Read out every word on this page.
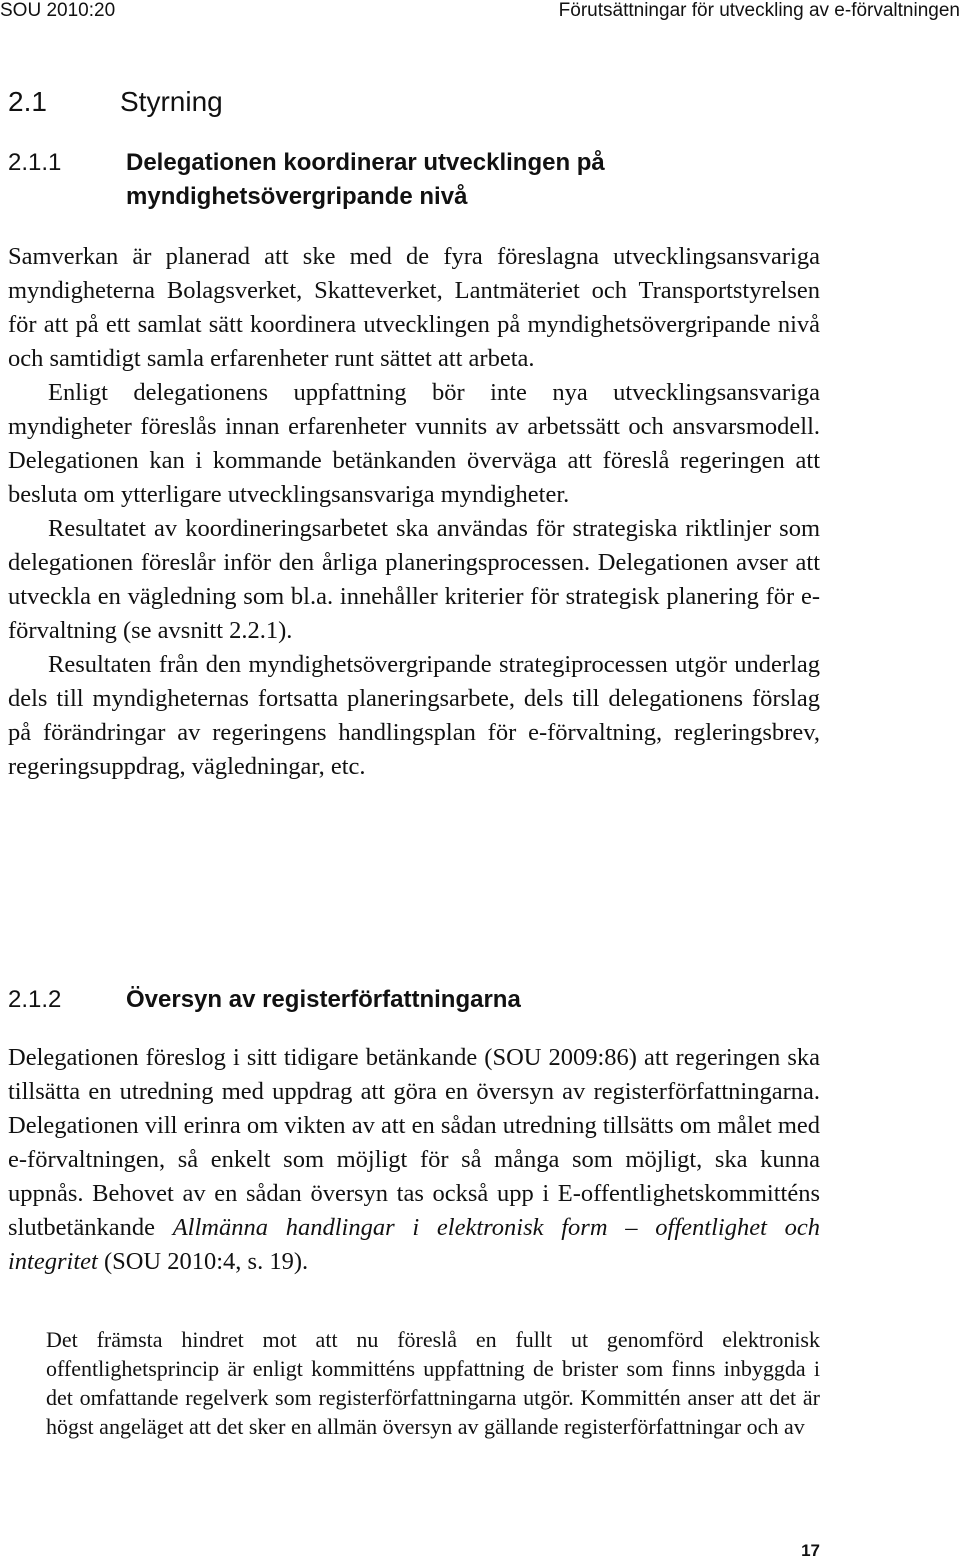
SOU 2010:20	Förutsättningar för utveckling av e-förvaltningen
2.1	Styrning
2.1.1	Delegationen koordinerar utvecklingen på myndighetsövergripande nivå

Samverkan är planerad att ske med de fyra föreslagna utvecklingsansvariga myndigheterna Bolagsverket, Skatteverket, Lantmäteriet och Transportstyrelsen för att på ett samlat sätt koordinera utvecklingen på myndighetsövergripande nivå och samtidigt samla erfarenheter runt sättet att arbeta.

Enligt delegationens uppfattning bör inte nya utvecklingsansvariga myndigheter föreslås innan erfarenheter vunnits av arbetssätt och ansvarsmodell. Delegationen kan i kommande betänkanden överväga att föreslå regeringen att besluta om ytterligare utvecklingsansvariga myndigheter.

Resultatet av koordineringsarbetet ska användas för strategiska riktlinjer som delegationen föreslår inför den årliga planeringsprocessen. Delegationen avser att utveckla en vägledning som bl.a. innehåller kriterier för strategisk planering för e-förvaltning (se avsnitt 2.2.1).

Resultaten från den myndighetsövergripande strategiprocessen utgör underlag dels till myndigheternas fortsatta planeringsarbete, dels till delegationens förslag på förändringar av regeringens handlingsplan för e-förvaltning, regleringsbrev, regeringsuppdrag, vägledningar, etc.

2.1.2	Översyn av registerförfattningarna

Delegationen föreslog i sitt tidigare betänkande (SOU 2009:86) att regeringen ska tillsätta en utredning med uppdrag att göra en översyn av registerförfattningarna. Delegationen vill erinra om vikten av att en sådan utredning tillsätts om målet med e-förvaltningen, så enkelt som möjligt för så många som möjligt, ska kunna uppnås. Behovet av en sådan översyn tas också upp i E-offentlighetskommitténs slutbetänkande Allmänna handlingar i elektronisk form – offentlighet och integritet (SOU 2010:4, s. 19).

Det främsta hindret mot att nu föreslå en fullt ut genomförd elektronisk offentlighetsprincip är enligt kommitténs uppfattning de brister som finns inbyggda i det omfattande regelverk som registerförfattningarna utgör. Kommittén anser att det är högst angeläget att det sker en allmän översyn av gällande registerförfattningar och av

17
